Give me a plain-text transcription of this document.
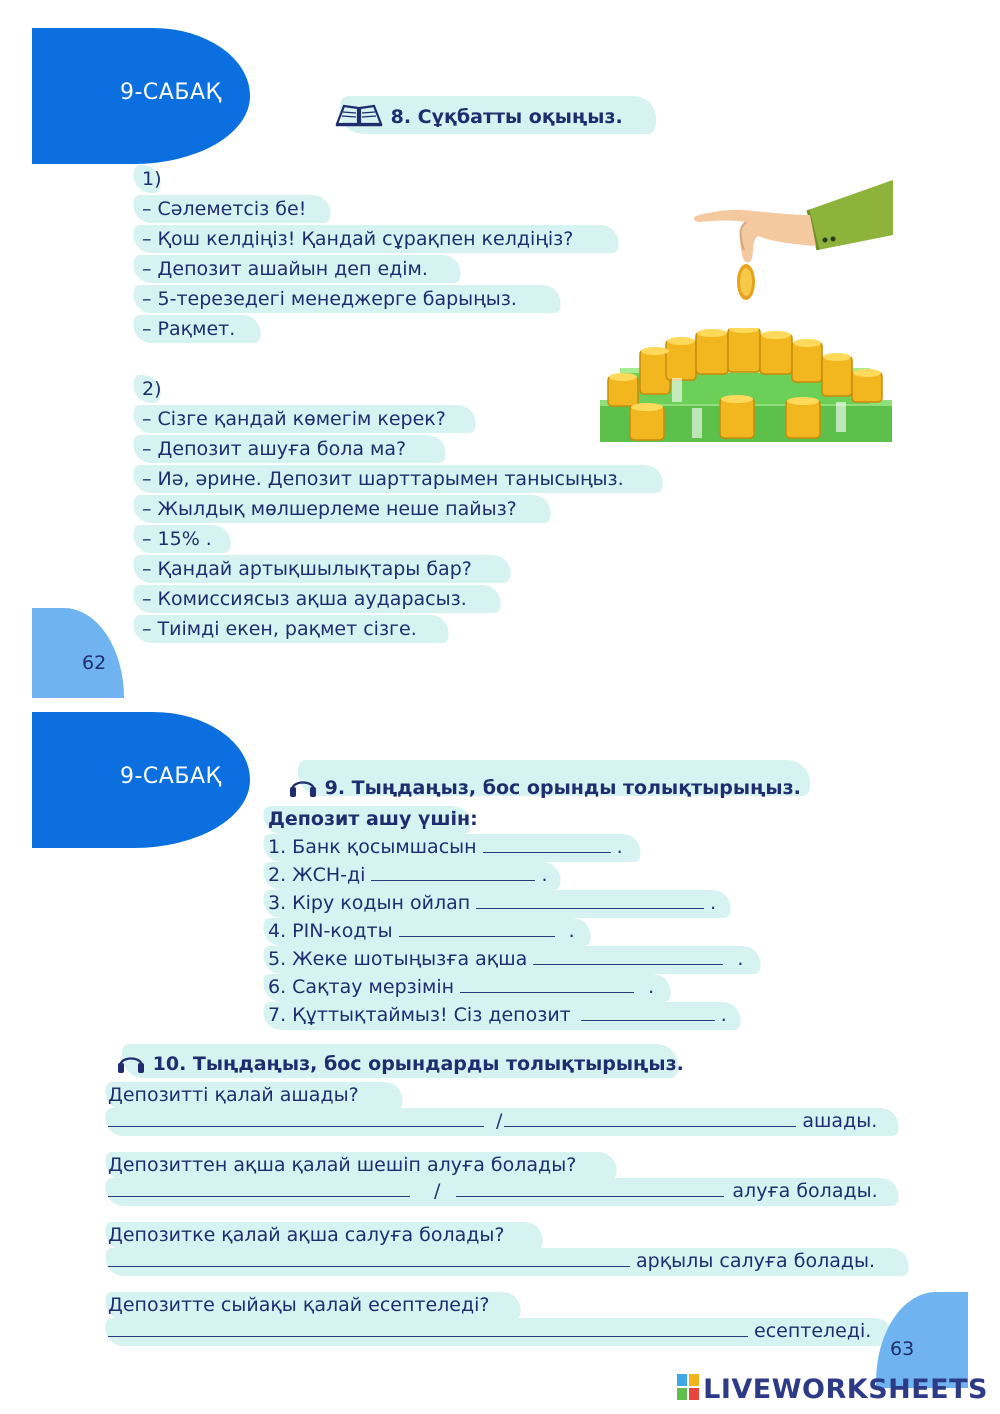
9-САБАҚ
8. Сұқбатты оқыңыз.
1)
– Сәлеметсіз бе!
– Қош келдіңіз! Қандай сұрақпен келдіңіз?
– Депозит ашайын деп едім.
– 5-терезедегі менеджерге барыңыз.
– Рақмет.
2)
– Сізге қандай көмегім керек?
– Депозит ашуға бола ма?
– Иә, әрине. Депозит шарттарымен танысыңыз.
– Жылдық мөлшерлеме неше пайыз?
– 15% .
– Қандай артықшылықтары бар?
– Комиссиясыз ақша аударасыз.
– Тиімді екен, рақмет сізге.
62
9-САБАҚ	9. Тыңдаңыз, бос орынды толықтырыңыз.
Депозит ашу үшін:
1. Банк қосымшасын	.
2. ЖСН-ді	.
3. Кіру кодын ойлап	.
4. PIN-кодты	.
5. Жеке шотыңызға ақша	.
6. Сақтау мерзімін	.
7. Құттықтаймыз! Сіз депозит	.
10. Тыңдаңыз, бос орындарды толықтырыңыз.
Депозитті қалай ашады?
/	ашады.
Депозиттен ақша қалай шешіп алуға болады?
/	алуға болады.
Депозитке қалай ақша салуға болады?
арқылы салуға болады.
Депозитте сыйақы қалай есептеледі?
есептеледі.
63
LIVEWORKSHEETS
